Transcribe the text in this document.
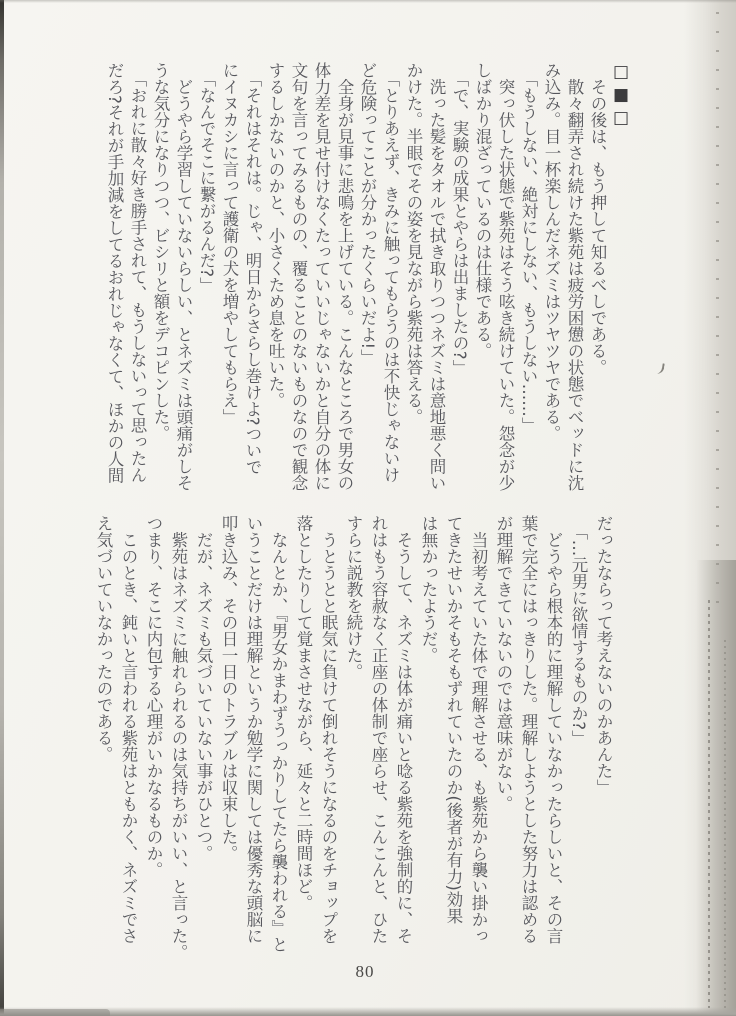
□■□

　その後は、もう押して知るべしである。

　散々翻弄され続けた紫苑は疲労困憊の状態でベッドに沈

み込み。目一杯楽しんだネズミはツヤツヤである。

　「もうしない、絶対にしない、もうしない……」

　突っ伏した状態で紫苑はそう呟き続けていた。怨念が少

しばかり混ざっているのは仕様である。

　「で、実験の成果とやらは出ましたの?」

　洗った髪をタオルで拭き取りつつネズミは意地悪く問い

かけた。半眼でその姿を見ながら紫苑は答える。

　「とりあえず、きみに触ってもらうのは不快じゃないけ

ど危険ってことが分かったくらいだよ!」

　全身が見事に悲鳴を上げている。こんなところで男女の

体力差を見せ付けなくたっていいじゃないかと自分の体に

文句を言ってみるものの、覆ることのないものなので観念

するしかないのかと、小さくため息を吐いた。

　「それはそれは。じゃ、明日からさらし巻けよ?ついで

にイヌカシに言って護衛の犬を増やしてもらえ」

　「なんでそこに繋がるんだ?」

　どうやら学習していないらしい、とネズミは頭痛がしそ

うな気分になりつつ、ビシリと額をデコピンした。

　「おれに散々好き勝手されて、もうしないって思ったん

だろ?それが手加減をしてるおれじゃなくて、ほかの人間

だったならって考えないのかあんた」

　「…元男に欲情するものか?」

　どうやら根本的に理解していなかったらしいと、その言

葉で完全にはっきりした。理解しようとした努力は認める

が理解できていないのでは意味がない。

　当初考えていた体で理解させる、も紫苑から襲い掛かっ

てきたせいかそもそもずれていたのか(後者が有力)効果

は無かったようだ。

　そうして、ネズミは体が痛いと唸る紫苑を強制的に、そ

れはもう容赦なく正座の体制で座らせ、こんこんと、ひた

すらに説教を続けた。

　うとうとと眠気に負けて倒れそうになるのをチョップを

落としたりして覚まさせながら、延々と二時間ほど。

　なんとか、『男女かまわずうっかりしてたら襲われる』と

いうことだけは理解というか勉学に関しては優秀な頭脳に

叩き込み、その日一日のトラブルは収束した。

　だが、ネズミも気づいていない事がひとつ。

　紫苑はネズミに触れられるのは気持ちがいい、と言った。

つまり、そこに内包する心理がいかなるものか。

　このとき、鈍いと言われる紫苑はともかく、ネズミでさ

え気づいていなかったのである。

80
